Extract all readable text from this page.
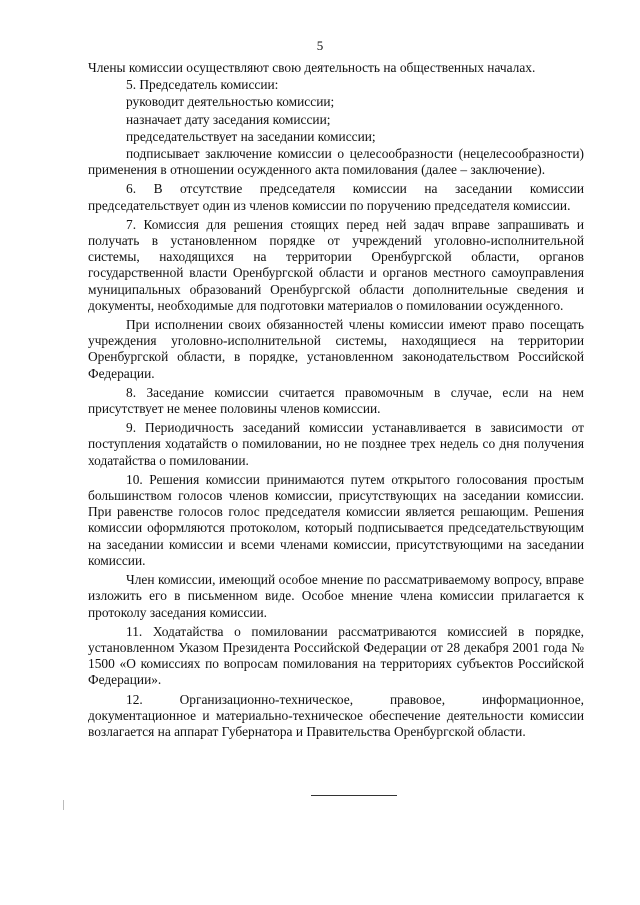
5

Члены комиссии осуществляют свою деятельность на общественных началах.

5. Председатель комиссии:

руководит деятельностью комиссии;

назначает дату заседания комиссии;

председательствует на заседании комиссии;

подписывает заключение комиссии о целесообразности (нецелесообразности) применения в отношении осужденного акта помилования (далее – заключение).

6. В отсутствие председателя комиссии на заседании комиссии председательствует один из членов комиссии по поручению председателя комиссии.

7. Комиссия для решения стоящих перед ней задач вправе запрашивать и получать в установленном порядке от учреждений уголовно-исполнительной системы, находящихся на территории Оренбургской области, органов государственной власти Оренбургской области и органов местного самоуправления муниципальных образований Оренбургской области дополнительные сведения и документы, необходимые для подготовки материалов о помиловании осужденного.

При исполнении своих обязанностей члены комиссии имеют право посещать учреждения уголовно-исполнительной системы, находящиеся на территории Оренбургской области, в порядке, установленном законодательством Российской Федерации.

8. Заседание комиссии считается правомочным в случае, если на нем присутствует не менее половины членов комиссии.

9. Периодичность заседаний комиссии устанавливается в зависимости от поступления ходатайств о помиловании, но не позднее трех недель со дня получения ходатайства о помиловании.

10. Решения комиссии принимаются путем открытого голосования простым большинством голосов членов комиссии, присутствующих на заседании комиссии. При равенстве голосов голос председателя комиссии является решающим. Решения комиссии оформляются протоколом, который подписывается председательствующим на заседании комиссии и всеми членами комиссии, присутствующими на заседании комиссии.

Член комиссии, имеющий особое мнение по рассматриваемому вопросу, вправе изложить его в письменном виде. Особое мнение члена комиссии прилагается к протоколу заседания комиссии.

11. Ходатайства о помиловании рассматриваются комиссией в порядке, установленном Указом Президента Российской Федерации от 28 декабря 2001 года № 1500 «О комиссиях по вопросам помилования на территориях субъектов Российской Федерации».

12. Организационно-техническое, правовое, информационное, документационное и материально-техническое обеспечение деятельности комиссии возлагается на аппарат Губернатора и Правительства Оренбургской области.
